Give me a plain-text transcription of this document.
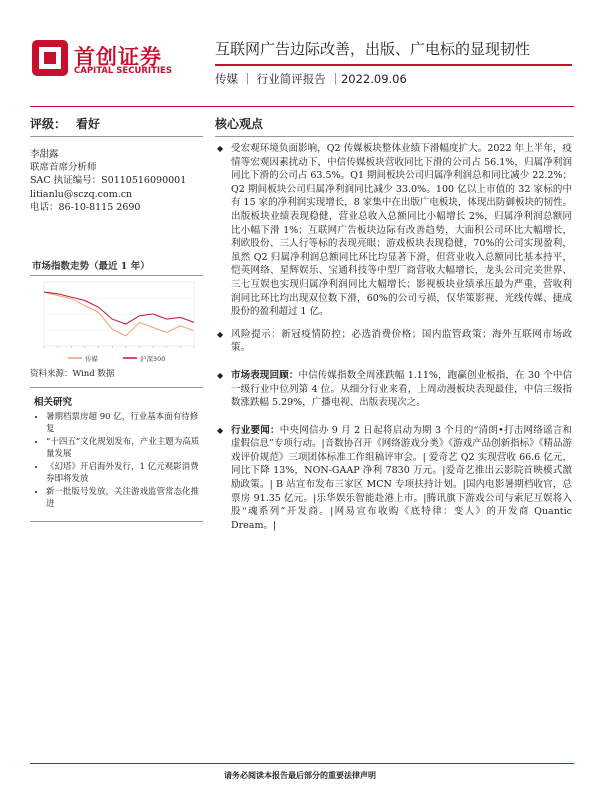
首创证券
CAPITAL SECURITIES
互联网广告边际改善，出版、广电标的显现韧性
传媒 ｜ 行业简评报告 ｜2022.09.06
评级： 看好	核心观点
李甜露
联席首席分析师
SAC 执证编号：S0110516090001
litianlu@sczq.com.cn
电话：86-10-8115 2690
市场指数走势（最近 1 年）
传媒	沪深300
资料来源：Wind 数据
相关研究
• 暑期档票房超 90 亿，行业基本面有待修复
• “十四五”文化规划发布，产业主题为高质量发展
• 《幻塔》开启海外发行，1 亿元观影消费券即将发放
• 新一批版号发放，关注游戏监管常态化推进
◆ 受宏观环境负面影响，Q2 传媒板块整体业绩下滑幅度扩大。2022 年上半年，疫情等宏观因素扰动下，中信传媒板块营收同比下滑的公司占 56.1%，归属净利润同比下滑的公司占 63.5%。Q1 期间板块公司归属净利润总和同比减少 22.2%；Q2 期间板块公司归属净利润同比减少 33.0%。100 亿以上市值的 32 家标的中有 15 家的净利润实现增长，8 家集中在出版广电板块，体现出防御板块的韧性。出版板块业绩表现稳健，营业总收入总额同比小幅增长 2%，归属净利润总额同比小幅下滑 1%；互联网广告板块边际有改善趋势，大面积公司环比大幅增长，利欧股份、三人行等标的表现亮眼；游戏板块表现稳健，70%的公司实现盈利，虽然 Q2 归属净利润总额同比环比均显著下滑，但营业收入总额同比基本持平，恺英网络、星辉娱乐、宝通科技等中型厂商营收大幅增长，龙头公司完美世界、三七互娱也实现归属净利润同比大幅增长；影视板块业绩承压最为严重，营收利润同比环比均出现双位数下滑，60%的公司亏损，仅华策影视、光线传媒、捷成股份的盈利超过 1 亿。
◆ 风险提示：新冠疫情防控；必选消费价格；国内监管政策；海外互联网市场政策。
◆ 市场表现回顾：中信传媒指数全周涨跌幅 1.11%，跑赢创业板指，在 30 个中信一级行业中位列第 4 位。从细分行业来看，上周动漫板块表现最佳，中信三级指数涨跌幅 5.29%，广播电视、出版表现次之。
◆ 行业要闻：中央网信办 9 月 2 日起将启动为期 3 个月的“清朗•打击网络谣言和虚假信息”专项行动。|音数协召开《网络游戏分类》《游戏产品创新指标》《精品游戏评价规范》三项团体标准工作组稿评审会。| 爱奇艺 Q2 实现营收 66.6 亿元，同比下降 13%，NON-GAAP 净利 7830 万元。|爱奇艺推出云影院首映模式激励政策。| B 站宣布发布三家区 MCN 专项扶持计划。|国内电影暑期档收官，总票房 91.35 亿元。|乐华娱乐智能赴港上市。|腾讯旗下游戏公司与索尼互娱将入股“魂系列”开发商。|网易宣布收购《底特律：变人》的开发商 Quantic Dream。|
请务必阅读本报告最后部分的重要法律声明
